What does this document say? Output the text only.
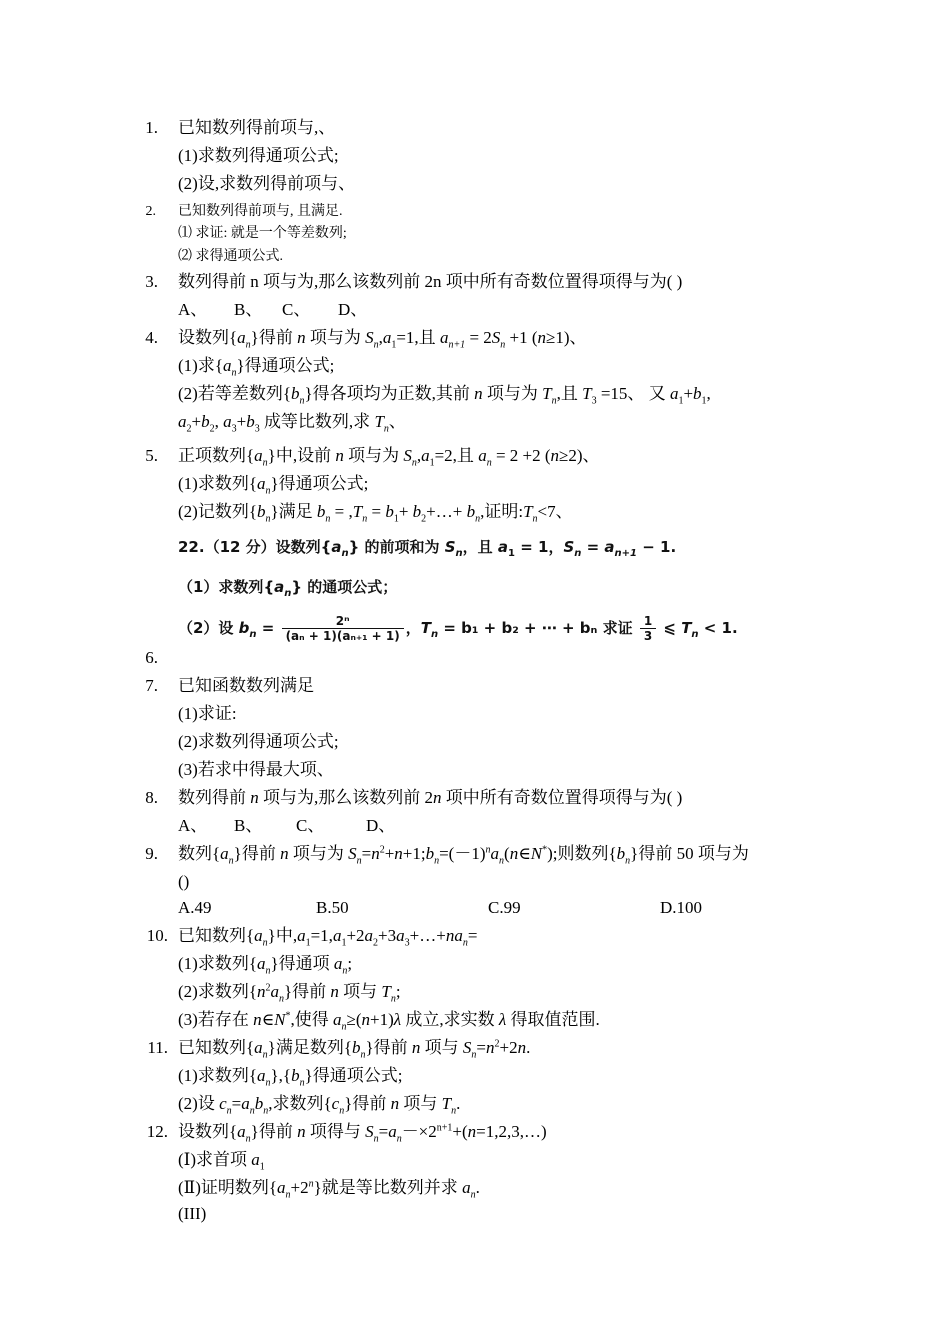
1. 已知数列得前项与,、
(1)求数列得通项公式;
(2)设,求数列得前项与、
2. 已知数列得前项与, 且满足.
⑴ 求证: 就是一个等差数列;
⑵ 求得通项公式.
3. 数列得前 n 项与为,那么该数列前 2n 项中所有奇数位置得项得与为( )
A、 B、 C、 D、
4. 设数列$\{a_n\}$得前 n 项与为 $S_n,a_1=1$,且 $a_{n+1} = 2S_n +1$ (n≥1)、
(1)求$\{a_n\}$得通项公式;
(2)若等差数列$\{b_n\}$得各项均为正数,其前 n 项与为 $T_n$,且 $T_3 =15$、 又 $a_1+b_1$,
$a_2+b_2$, $a_3+b_3$ 成等比数列,求 $T_n$、
5. 正项数列$\{a_n\}$中,设前 n 项与为 $S_n,a_1=2$,且 $a_n = 2 +2$ (n≥2)、
(1)求数列$\{a_n\}$得通项公式;
(2)记数列$\{b_n\}$满足 $b_n = ,T_n = b_1+$ $b_2+\dots+ b_n$,证明$:T_n<7$、
22.（12 分）设数列$\{a_n\}$ 的前项和为 $S_n$，且 $a_1 = 1$，$S_n = a_{n+1} - 1$.
（1）求数列$\{a_n\}$ 的通项公式；
（2）设 $b_n = \frac{\text{2ⁿ}}{\text{(aₙ + 1)(aₙ₊₁ + 1)}}$ ，$T_n = b_1 + b_2$ + ⋯ + bₙ 求证 $\frac{1}{3}$ ⩽ $T_n < 1$.
6.
7. 已知函数数列满足
(1)求证:
(2)求数列得通项公式;
(3)若求中得最大项、
8. 数列得前 n 项与为,那么该数列前 2n 项中所有奇数位置得项得与为( )
A、 B、 C、 D、
9. 数列$\{a_n\}$得前 n 项与为 $S_n=n^2+n+1;b_n=(-1)^na_n(n\in N^*)$;则数列$\{b_n\}$得前 50 项与为
()
A.49	B.50	C.99	D.100
10. 已知数列$\{a_n\}$中$,a_1=1,a_1+2a_2+3a_3+\dots+na_n=$
(1)求数列$\{a_n\}$得通项 $a_n$;
(2)求数列$\{n^2a_n\}$得前 n 项与 $T_n$;
(3)若存在 n∈N*,使得 $a_n\ge(n+1)\lambda$ 成立,求实数 λ 得取值范围.
11. 已知数列$\{a_n\}$满足数列$\{b_n\}$得前 n 项与 $S_n=n^2+2n$.
(1)求数列$\{a_n\},\{b_n\}$得通项公式;
(2)设 $c_n=a_nb_n$,求数列$\{c_n\}$得前 n 项与 $T_n$.
12. 设数列$\{a_n\}$得前 n 项得与 $S_n=a_n-\times 2^{n+1}+(n=1,2,3,\dots)$
(Ⅰ)求首项 $a_1$
(Ⅱ)证明数列$\{a_n+2^n\}$就是等比数列并求 $a_n$.
(III)
